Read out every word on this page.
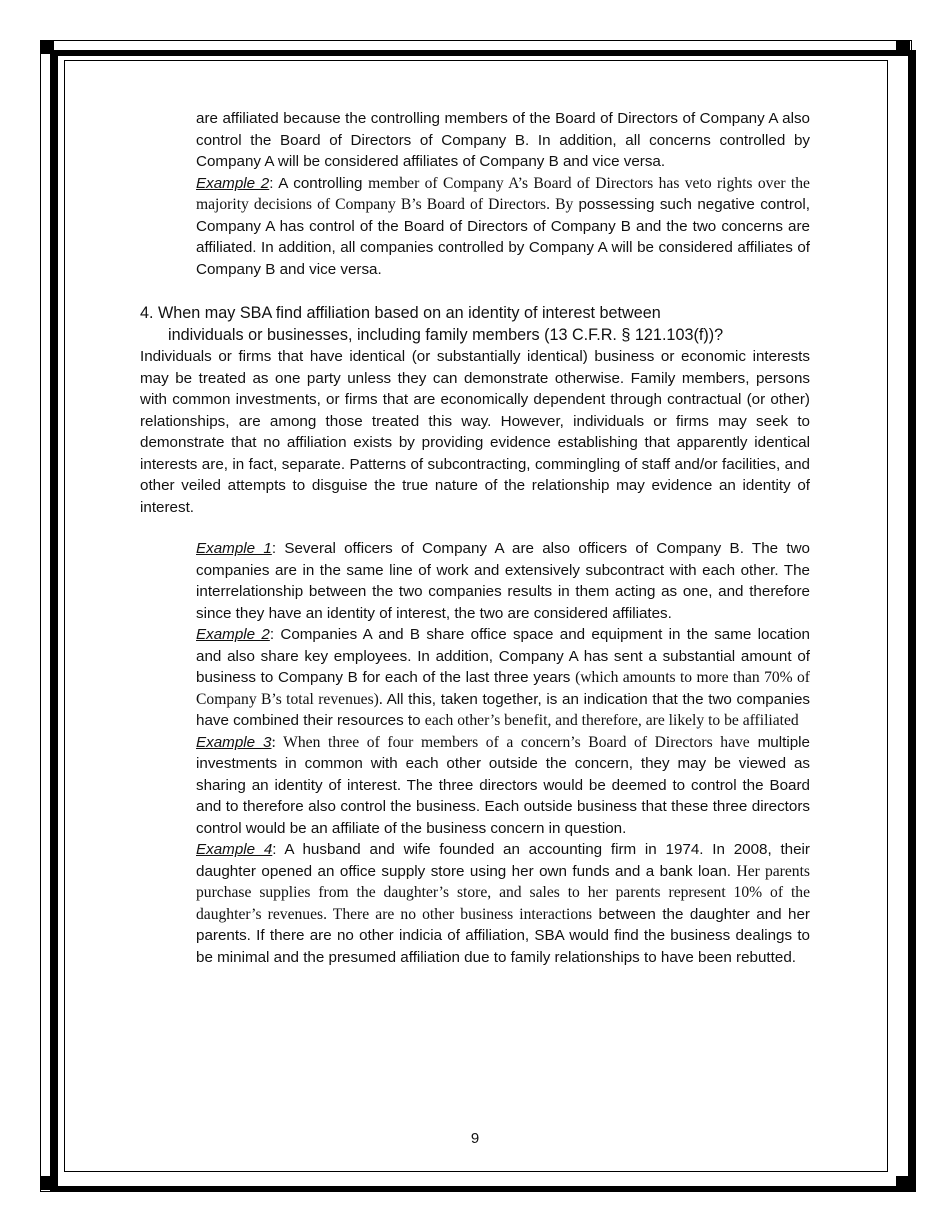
are affiliated because the controlling members of the Board of Directors of Company A also control the Board of Directors of Company B. In addition, all concerns controlled by Company A will be considered affiliates of Company B and vice versa.

Example 2: A controlling member of Company A’s Board of Directors has veto rights over the majority decisions of Company B’s Board of Directors. By possessing such negative control, Company A has control of the Board of Directors of Company B and the two concerns are affiliated. In addition, all companies controlled by Company A will be considered affiliates of Company B and vice versa.

4. When may SBA find affiliation based on an identity of interest between
individuals or businesses, including family members (13 C.F.R. § 121.103(f))?

Individuals or firms that have identical (or substantially identical) business or economic interests may be treated as one party unless they can demonstrate otherwise. Family members, persons with common investments, or firms that are economically dependent through contractual (or other) relationships, are among those treated this way. However, individuals or firms may seek to demonstrate that no affiliation exists by providing evidence establishing that apparently identical interests are, in fact, separate. Patterns of subcontracting, commingling of staff and/or facilities, and other veiled attempts to disguise the true nature of the relationship may evidence an identity of interest.

Example 1: Several officers of Company A are also officers of Company B. The two companies are in the same line of work and extensively subcontract with each other. The interrelationship between the two companies results in them acting as one, and therefore since they have an identity of interest, the two are considered affiliates.

Example 2: Companies A and B share office space and equipment in the same location and also share key employees. In addition, Company A has sent a substantial amount of business to Company B for each of the last three years (which amounts to more than 70% of Company B’s total revenues). All this, taken together, is an indication that the two companies have combined their resources to each other’s benefit, and therefore, are likely to be affiliated

Example 3: When three of four members of a concern’s Board of Directors have multiple investments in common with each other outside the concern, they may be viewed as sharing an identity of interest. The three directors would be deemed to control the Board and to therefore also control the business. Each outside business that these three directors control would be an affiliate of the business concern in question.

Example 4: A husband and wife founded an accounting firm in 1974. In 2008, their daughter opened an office supply store using her own funds and a bank loan. Her parents purchase supplies from the daughter’s store, and sales to her parents represent 10% of the daughter’s revenues. There are no other business interactions between the daughter and her parents. If there are no other indicia of affiliation, SBA would find the business dealings to be minimal and the presumed affiliation due to family relationships to have been rebutted.

9
